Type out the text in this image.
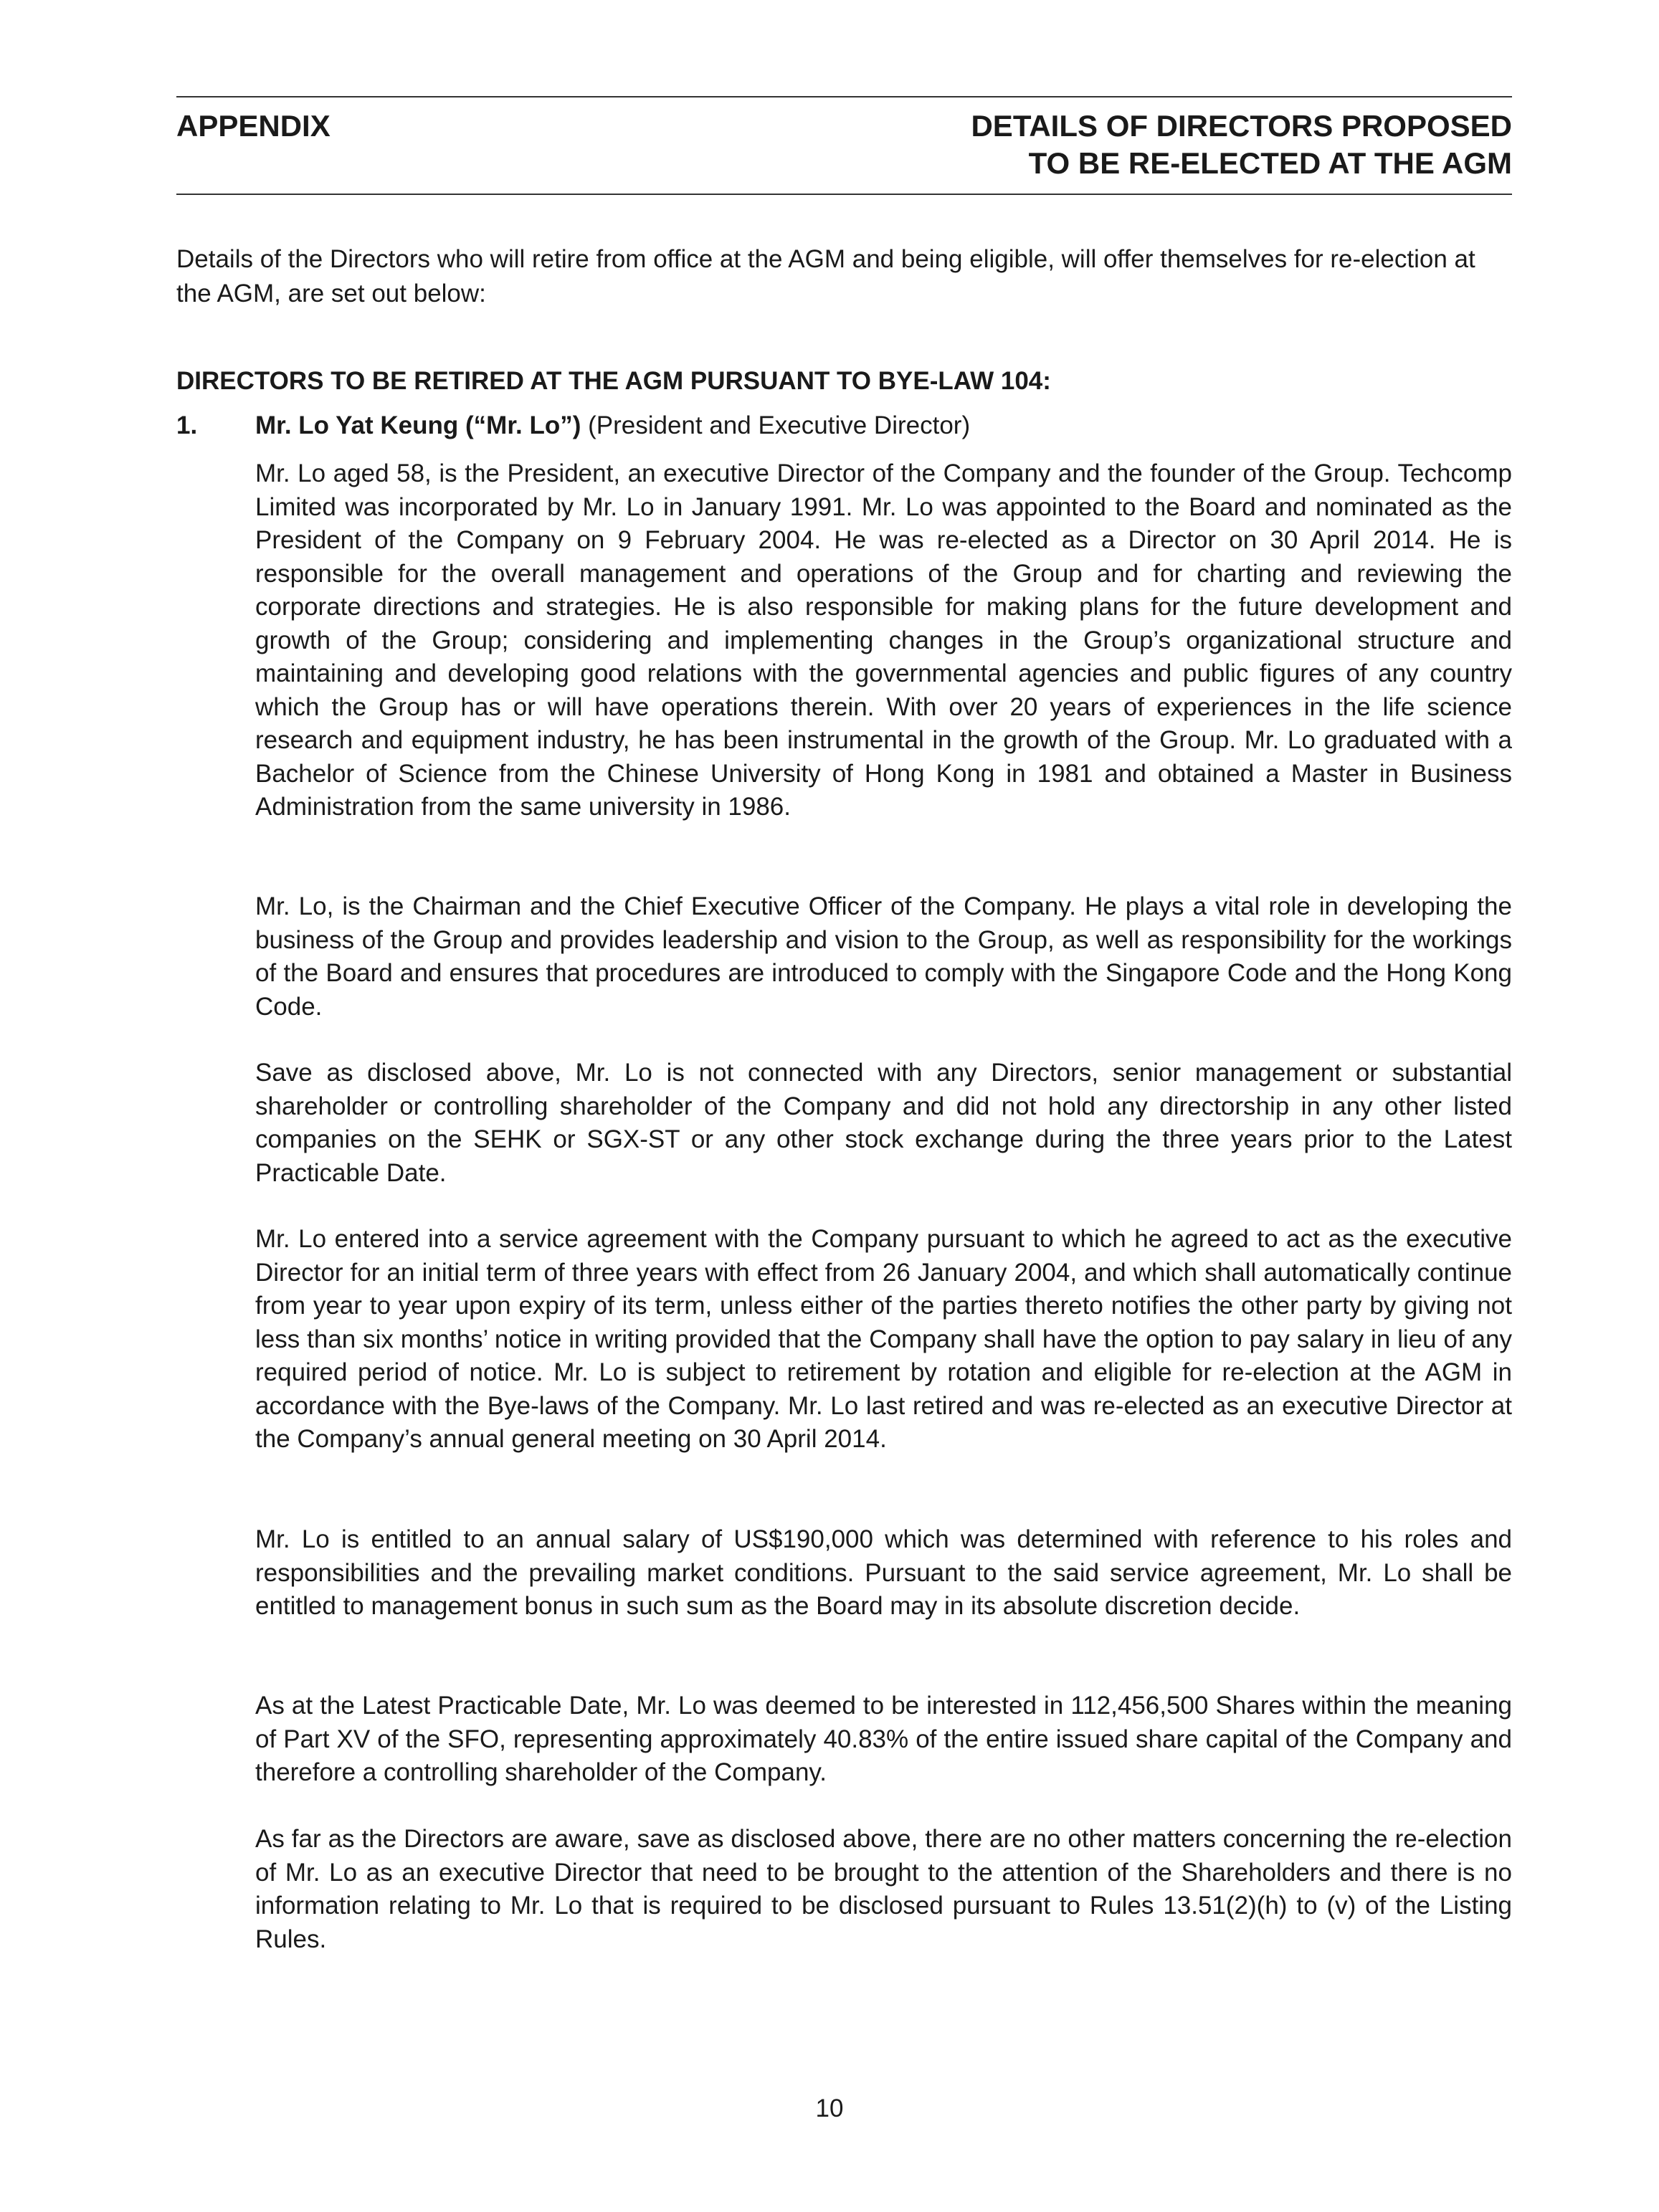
APPENDIX	DETAILS OF DIRECTORS PROPOSED
TO BE RE-ELECTED AT THE AGM

Details of the Directors who will retire from office at the AGM and being eligible, will offer themselves for re-election at the AGM, are set out below:

DIRECTORS TO BE RETIRED AT THE AGM PURSUANT TO BYE-LAW 104:
1. Mr. Lo Yat Keung (“Mr. Lo”) (President and Executive Director)

Mr. Lo aged 58, is the President, an executive Director of the Company and the founder of the Group. Techcomp Limited was incorporated by Mr. Lo in January 1991. Mr. Lo was appointed to the Board and nominated as the President of the Company on 9 February 2004. He was re-elected as a Director on 30 April 2014. He is responsible for the overall management and operations of the Group and for charting and reviewing the corporate directions and strategies. He is also responsible for making plans for the future development and growth of the Group; considering and implementing changes in the Group’s organizational structure and maintaining and developing good relations with the governmental agencies and public figures of any country which the Group has or will have operations therein. With over 20 years of experiences in the life science research and equipment industry, he has been instrumental in the growth of the Group. Mr. Lo graduated with a Bachelor of Science from the Chinese University of Hong Kong in 1981 and obtained a Master in Business Administration from the same university in 1986.

Mr. Lo, is the Chairman and the Chief Executive Officer of the Company. He plays a vital role in developing the business of the Group and provides leadership and vision to the Group, as well as responsibility for the workings of the Board and ensures that procedures are introduced to comply with the Singapore Code and the Hong Kong Code.

Save as disclosed above, Mr. Lo is not connected with any Directors, senior management or substantial shareholder or controlling shareholder of the Company and did not hold any directorship in any other listed companies on the SEHK or SGX-ST or any other stock exchange during the three years prior to the Latest Practicable Date.

Mr. Lo entered into a service agreement with the Company pursuant to which he agreed to act as the executive Director for an initial term of three years with effect from 26 January 2004, and which shall automatically continue from year to year upon expiry of its term, unless either of the parties thereto notifies the other party by giving not less than six months’ notice in writing provided that the Company shall have the option to pay salary in lieu of any required period of notice. Mr. Lo is subject to retirement by rotation and eligible for re-election at the AGM in accordance with the Bye-laws of the Company. Mr. Lo last retired and was re-elected as an executive Director at the Company’s annual general meeting on 30 April 2014.

Mr. Lo is entitled to an annual salary of US$190,000 which was determined with reference to his roles and responsibilities and the prevailing market conditions. Pursuant to the said service agreement, Mr. Lo shall be entitled to management bonus in such sum as the Board may in its absolute discretion decide.

As at the Latest Practicable Date, Mr. Lo was deemed to be interested in 112,456,500 Shares within the meaning of Part XV of the SFO, representing approximately 40.83% of the entire issued share capital of the Company and therefore a controlling shareholder of the Company.

As far as the Directors are aware, save as disclosed above, there are no other matters concerning the re-election of Mr. Lo as an executive Director that need to be brought to the attention of the Shareholders and there is no information relating to Mr. Lo that is required to be disclosed pursuant to Rules 13.51(2)(h) to (v) of the Listing Rules.

10
